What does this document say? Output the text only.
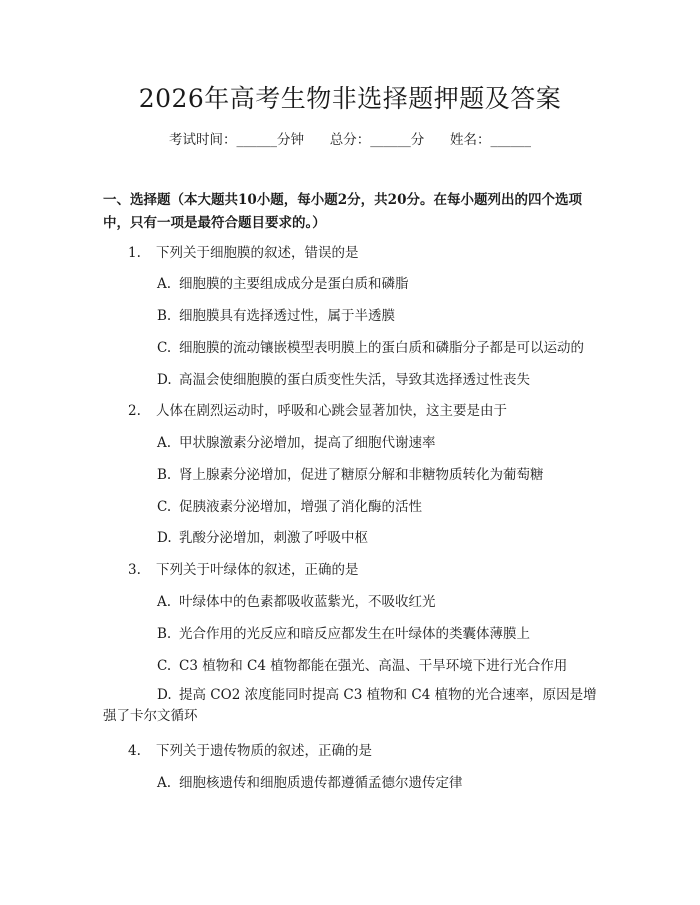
2026年高考生物非选择题押题及答案
考试时间：______分钟      总分：______分      姓名：______
一、选择题（本大题共10小题，每小题2分，共20分。在每小题列出的四个选项中，只有一项是最符合题目要求的。）
1. 下列关于细胞膜的叙述，错误的是
A. 细胞膜的主要组成成分是蛋白质和磷脂
B. 细胞膜具有选择透过性，属于半透膜
C. 细胞膜的流动镶嵌模型表明膜上的蛋白质和磷脂分子都是可以运动的
D. 高温会使细胞膜的蛋白质变性失活，导致其选择透过性丧失
2. 人体在剧烈运动时，呼吸和心跳会显著加快，这主要是由于
A. 甲状腺激素分泌增加，提高了细胞代谢速率
B. 肾上腺素分泌增加，促进了糖原分解和非糖物质转化为葡萄糖
C. 促胰液素分泌增加，增强了消化酶的活性
D. 乳酸分泌增加，刺激了呼吸中枢
3. 下列关于叶绿体的叙述，正确的是
A. 叶绿体中的色素都吸收蓝紫光，不吸收红光
B. 光合作用的光反应和暗反应都发生在叶绿体的类囊体薄膜上
C. C3 植物和 C4 植物都能在强光、高温、干旱环境下进行光合作用
D. 提高 CO2 浓度能同时提高 C3 植物和 C4 植物的光合速率，原因是增强了卡尔文循环
4. 下列关于遗传物质的叙述，正确的是
A. 细胞核遗传和细胞质遗传都遵循孟德尔遗传定律
